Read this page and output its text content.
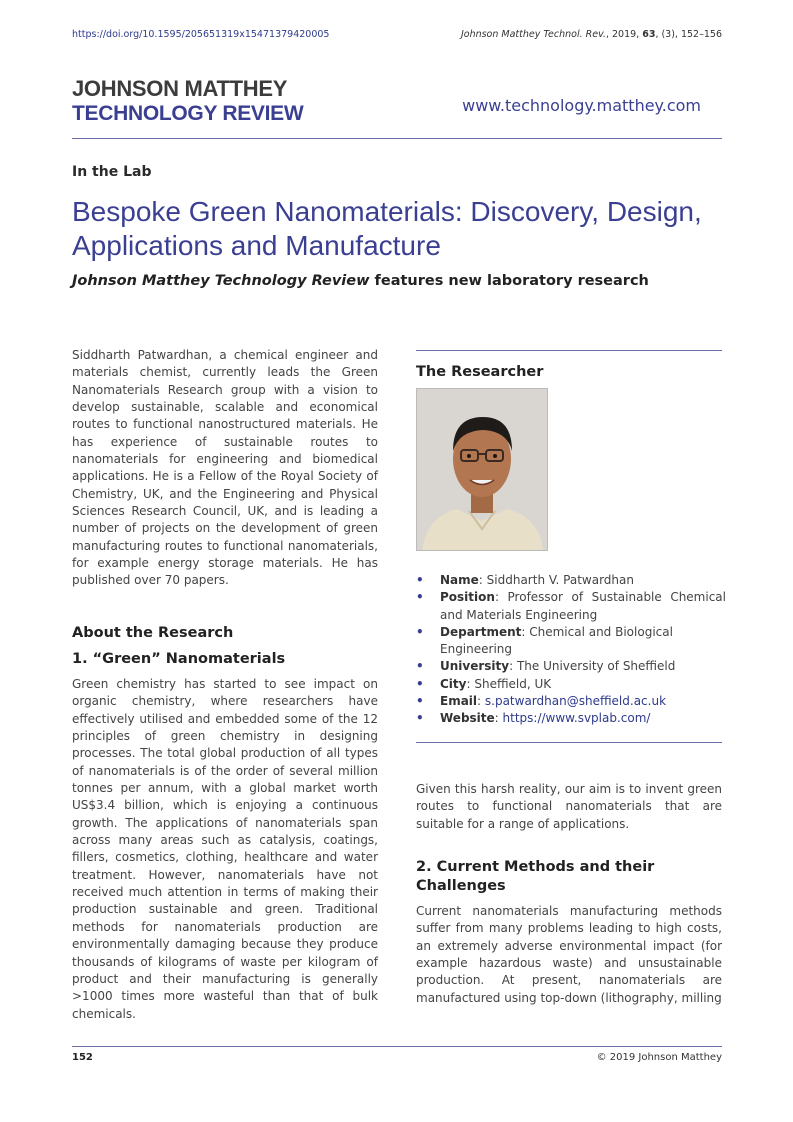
https://doi.org/10.1595/205651319x15471379420005	Johnson Matthey Technol. Rev., 2019, 63, (3), 152–156
JOHNSON MATTHEY
TECHNOLOGY REVIEW	www.technology.matthey.com
In the Lab
Bespoke Green Nanomaterials: Discovery, Design, Applications and Manufacture
Johnson Matthey Technology Review features new laboratory research

Siddharth Patwardhan, a chemical engineer and materials chemist, currently leads the Green Nanomaterials Research group with a vision to develop sustainable, scalable and economical routes to functional nanostructured materials. He has experience of sustainable routes to nanomaterials for engineering and biomedical applications. He is a Fellow of the Royal Society of Chemistry, UK, and the Engineering and Physical Sciences Research Council, UK, and is leading a number of projects on the development of green manufacturing routes to functional nanomaterials, for example energy storage materials. He has published over 70 papers.

About the Research
1. “Green” Nanomaterials

Green chemistry has started to see impact on organic chemistry, where researchers have effectively utilised and embedded some of the 12 principles of green chemistry in designing processes. The total global production of all types of nanomaterials is of the order of several million tonnes per annum, with a global market worth US$3.4 billion, which is enjoying a continuous growth. The applications of nanomaterials span across many areas such as catalysis, coatings, fillers, cosmetics, clothing, healthcare and water treatment. However, nanomaterials have not received much attention in terms of making their production sustainable and green. Traditional methods for nanomaterials production are environmentally damaging because they produce thousands of kilograms of waste per kilogram of product and their manufacturing is generally >1000 times more wasteful than that of bulk chemicals.

The Researcher
• Name: Siddharth V. Patwardhan
• Position: Professor of Sustainable Chemical and Materials Engineering
• Department: Chemical and Biological Engineering
• University: The University of Sheffield
• City: Sheffield, UK
• Email: s.patwardhan@sheffield.ac.uk
• Website: https://www.svplab.com/

Given this harsh reality, our aim is to invent green routes to functional nanomaterials that are suitable for a range of applications.

2. Current Methods and their Challenges

Current nanomaterials manufacturing methods suffer from many problems leading to high costs, an extremely adverse environmental impact (for example hazardous waste) and unsustainable production. At present, nanomaterials are manufactured using top-down (lithography, milling

152	© 2019 Johnson Matthey
